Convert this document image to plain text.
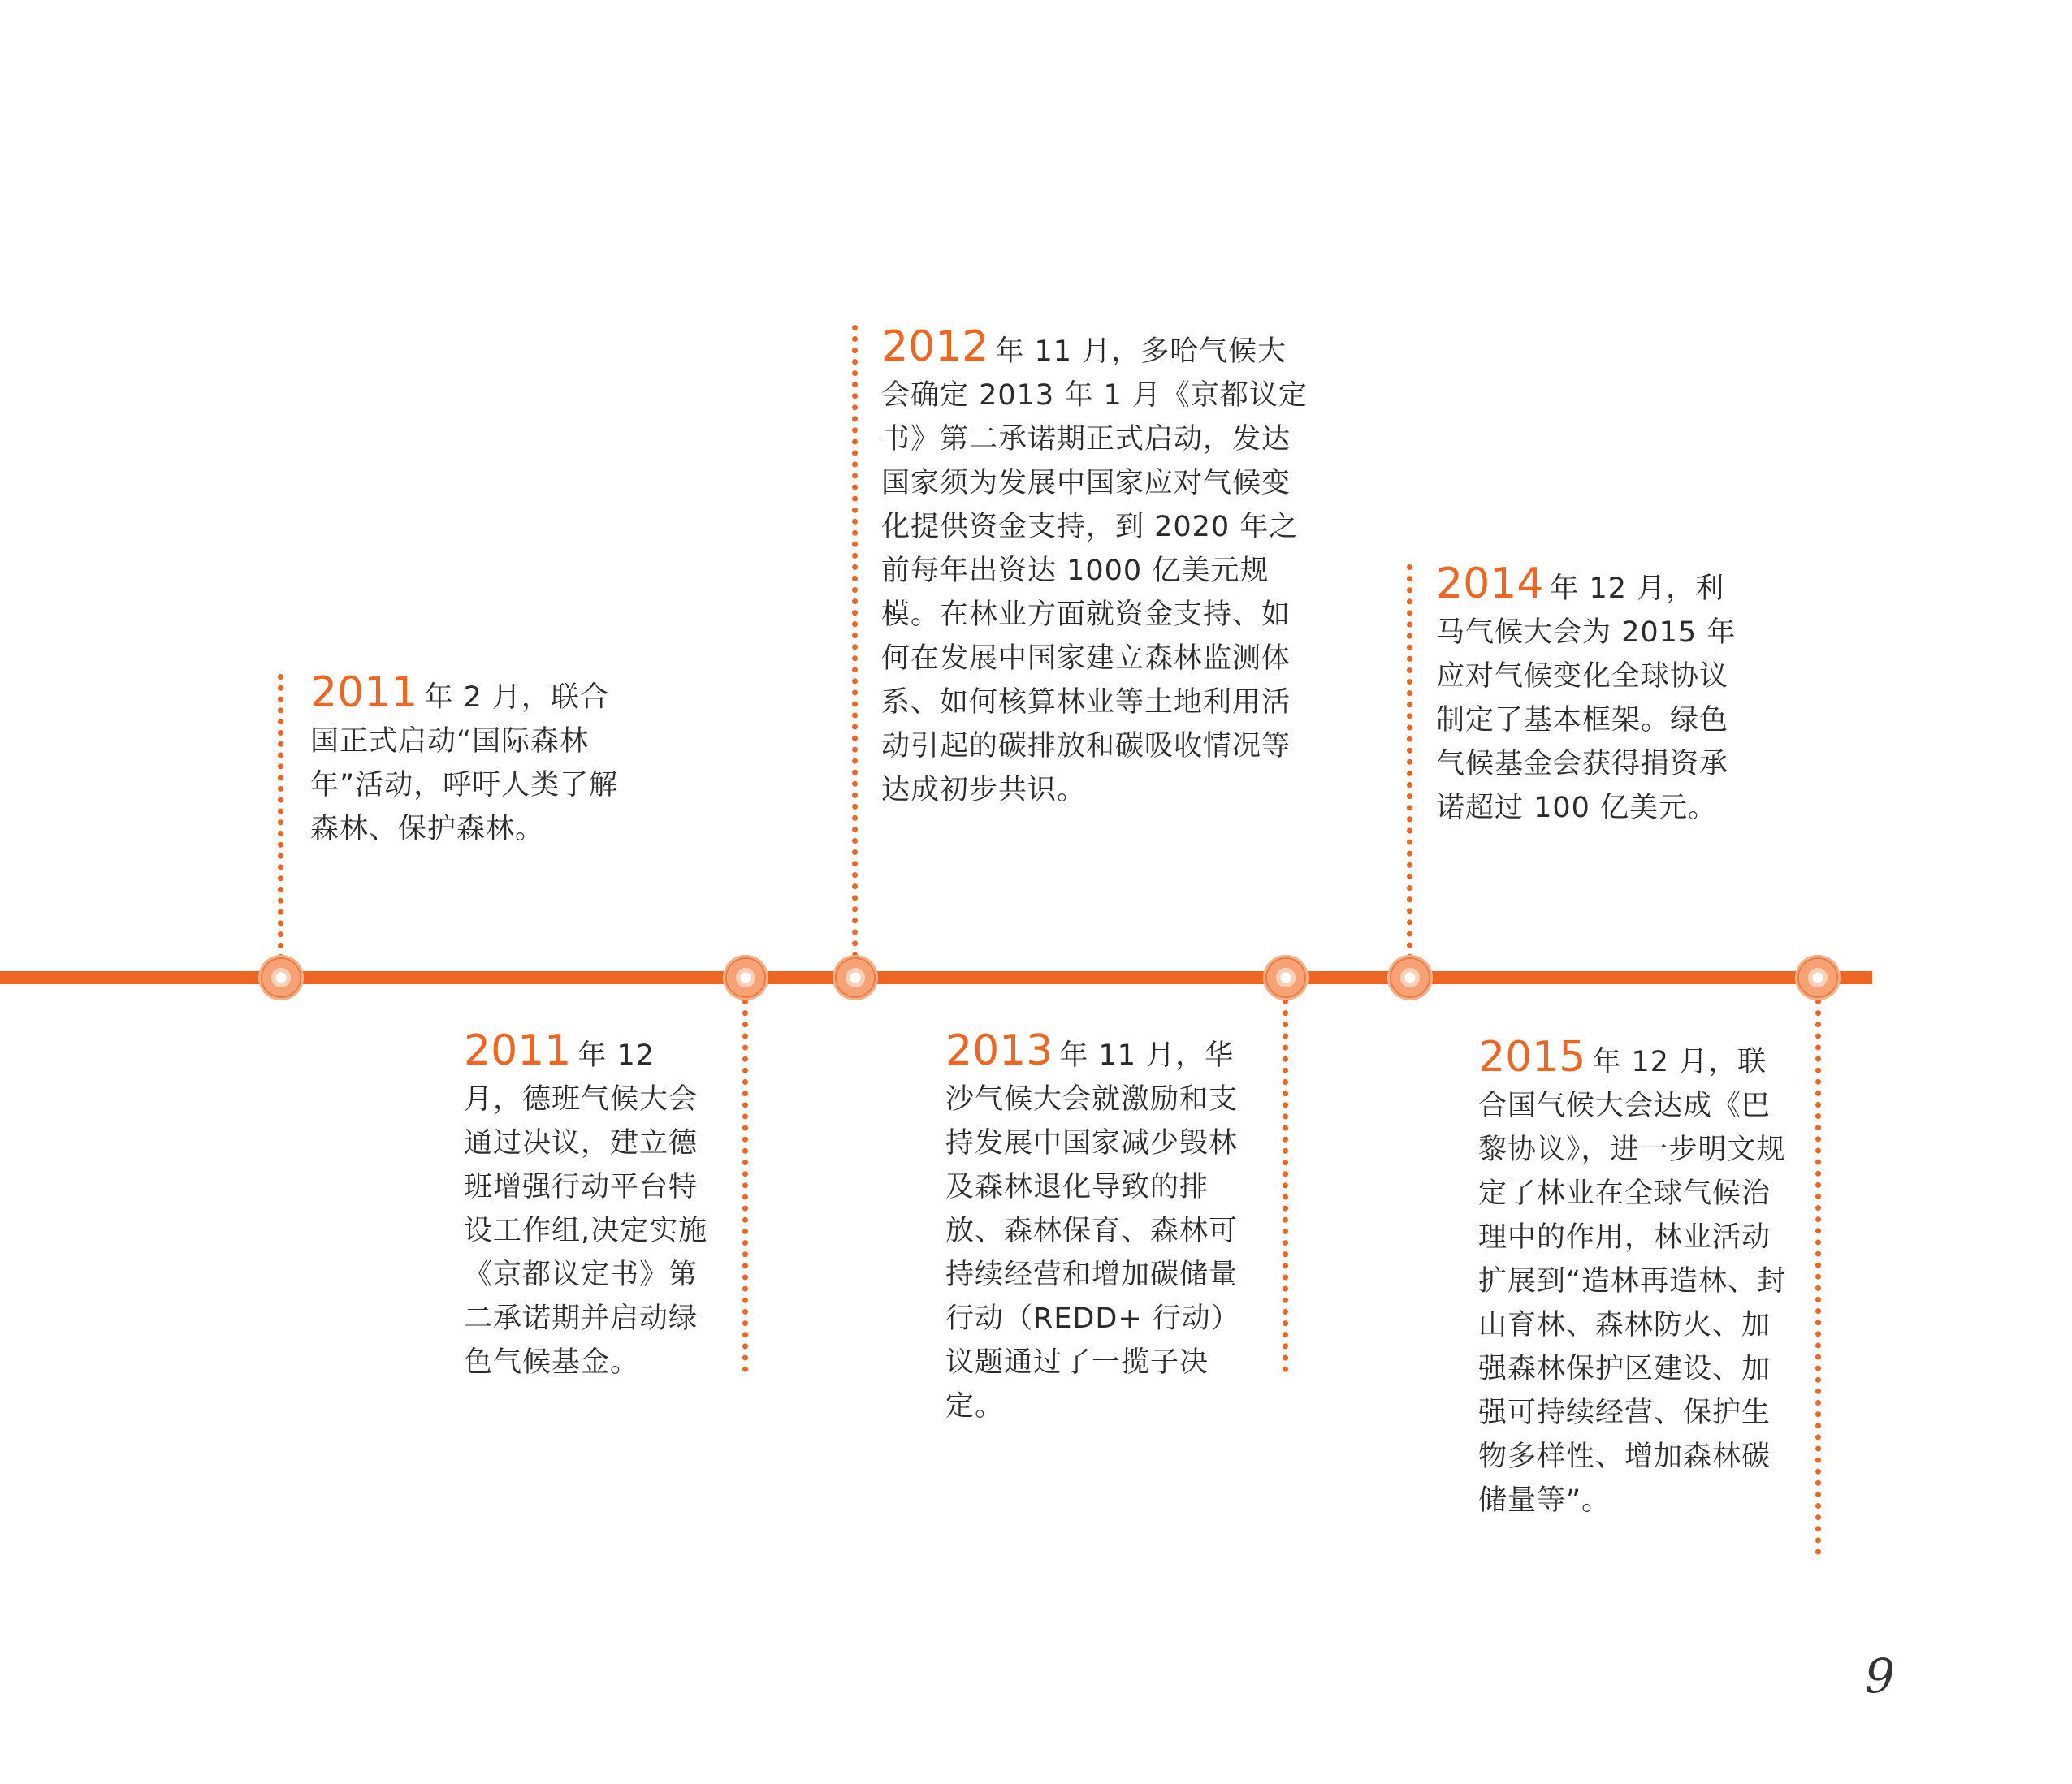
2011 年 2 月，联合国正式启动“国际森林年”活动，呼吁人类了解森林、保护森林。
2011 年 12 月，德班气候大会通过决议，建立德班增强行动平台特设工作组,决定实施《京都议定书》第二承诺期并启动绿色气候基金。
2012 年 11 月，多哈气候大会确定 2013 年 1 月《京都议定书》第二承诺期正式启动，发达国家须为发展中国家应对气候变化提供资金支持，到 2020 年之前每年出资达 1000 亿美元规模。在林业方面就资金支持、如何在发展中国家建立森林监测体系、如何核算林业等土地利用活动引起的碳排放和碳吸收情况等达成初步共识。
2013 年 11 月，华沙气候大会就激励和支持发展中国家减少毁林及森林退化导致的排放、森林保育、森林可持续经营和增加碳储量行动（REDD+ 行动）议题通过了一揽子决定。
2014 年 12 月，利马气候大会为 2015 年应对气候变化全球协议制定了基本框架。绿色气候基金会获得捐资承诺超过 100 亿美元。
2015 年 12 月，联合国气候大会达成《巴黎协议》，进一步明文规定了林业在全球气候治理中的作用，林业活动扩展到“造林再造林、封山育林、森林防火、加强森林保护区建设、加强可持续经营、保护生物多样性、增加森林碳储量等”。
9
